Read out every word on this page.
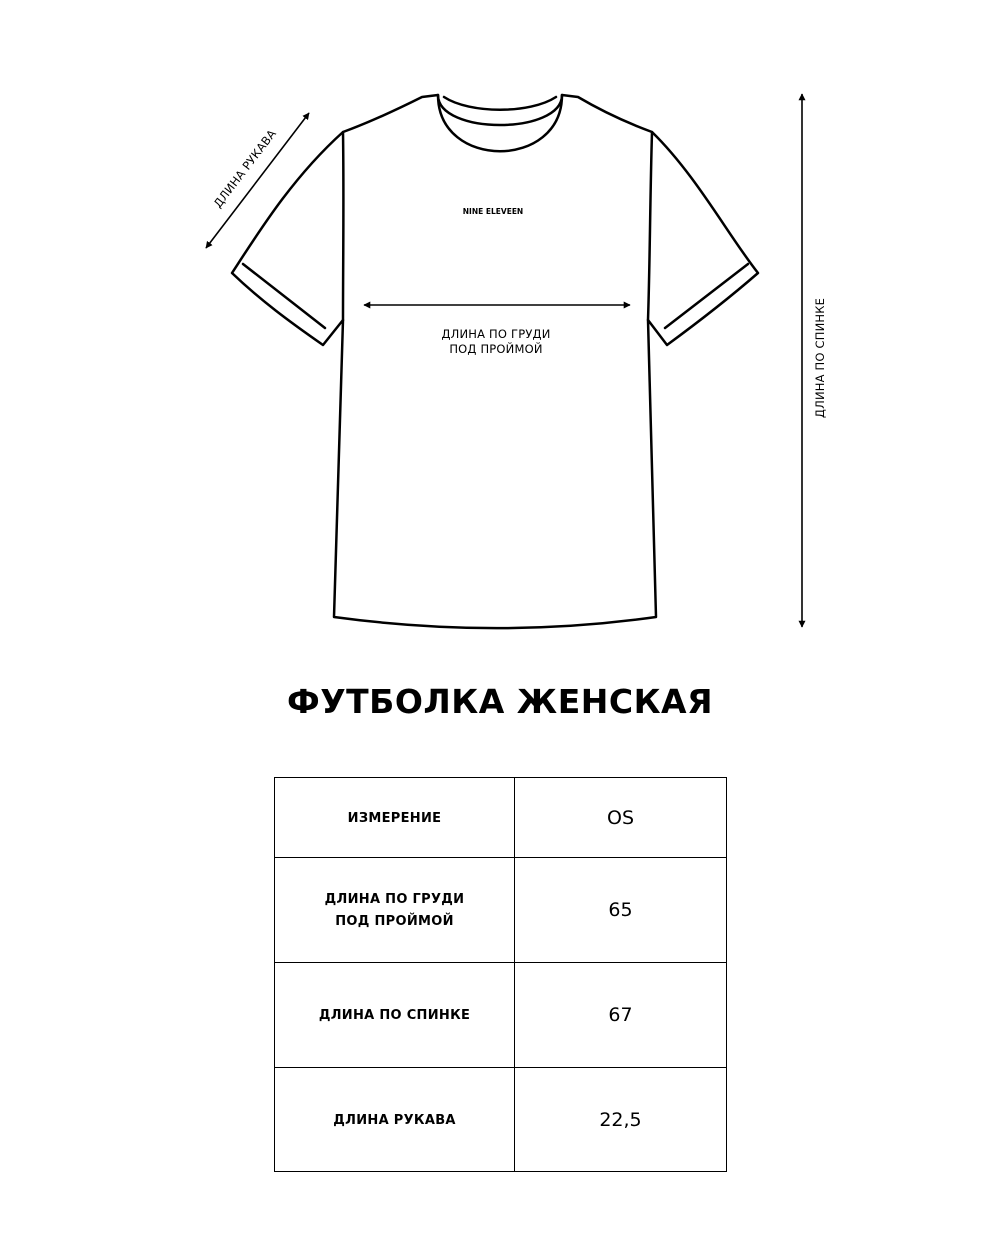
NINE ELEVEEN
ДЛИНА ПО ГРУДИ
ПОД ПРОЙМОЙ
ДЛИНА РУКАВА
ДЛИНА ПО СПИНКЕ
ФУТБОЛКА ЖЕНСКАЯ
ИЗМЕРЕНИЕ	OS
ДЛИНА ПО ГРУДИ
ПОД ПРОЙМОЙ	65
ДЛИНА ПО СПИНКЕ	67
ДЛИНА РУКАВА	22,5
